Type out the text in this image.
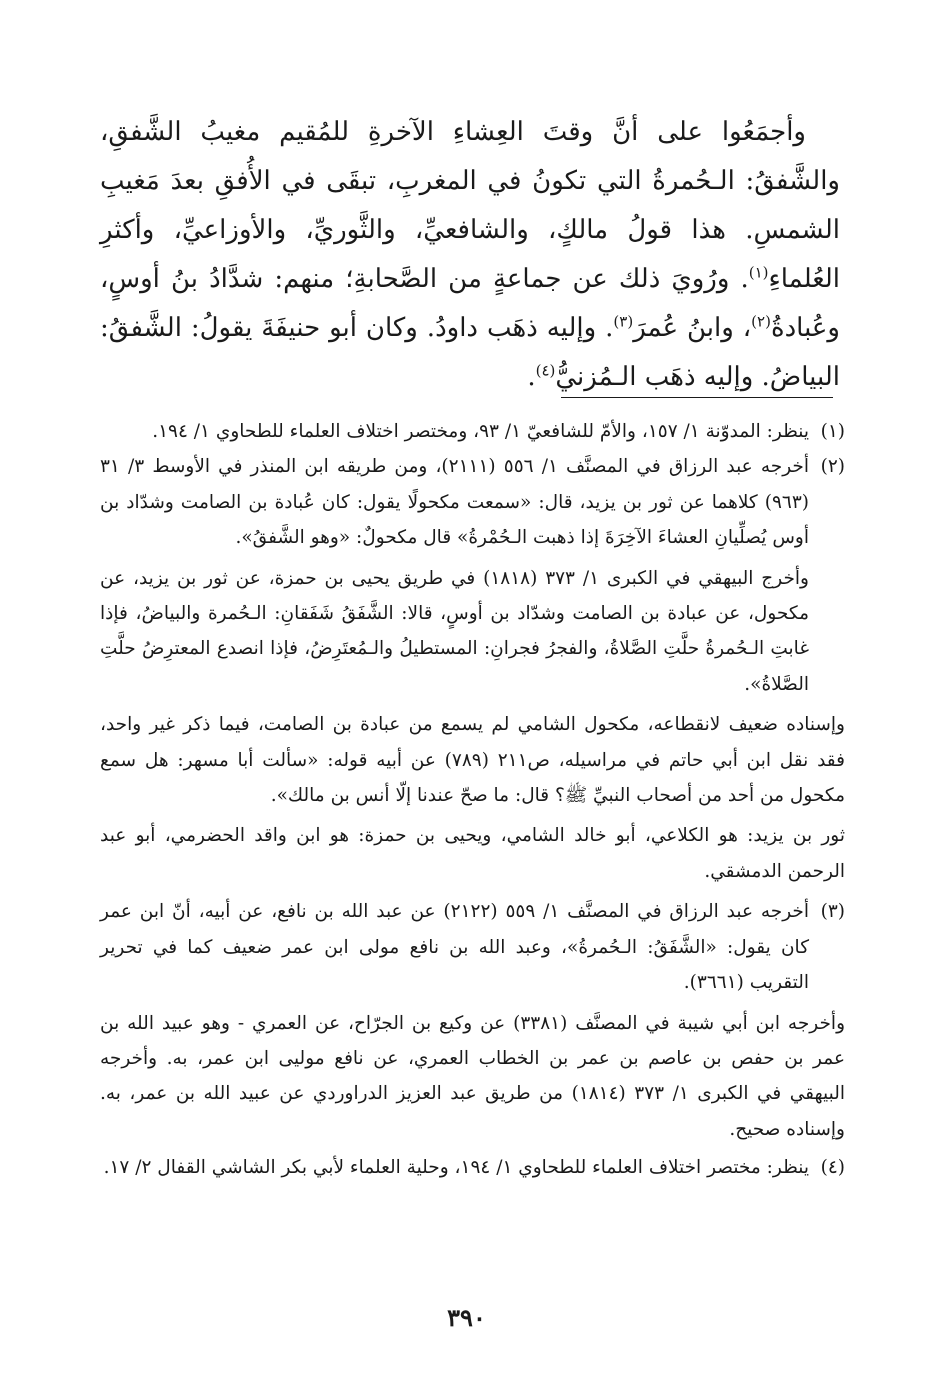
وأجمَعُوا على أنَّ وقتَ العِشاءِ الآخرةِ للمُقيم مغيبُ الشَّفقِ، والشَّفقُ: الـحُمرةُ التي تكونُ في المغربِ، تبقَى في الأُفقِ بعدَ مَغيبِ الشمسِ. هذا قولُ مالكٍ، والشافعيِّ، والثَّوريِّ، والأوزاعيِّ، وأكثرِ العُلماءِ$^{(١)}$. ورُويَ ذلك عن جماعةٍ من الصَّحابةِ؛ منهم: شدَّادُ بنُ أوسٍ، وعُبادةُ$^{(٢)}$، وابنُ عُمرَ$^{(٣)}$. وإليه ذهَب داودُ. وكان أبو حنيفَةَ يقولُ: الشَّفقُ: البياضُ. وإليه ذهَب الـمُزنيُّ$^{(٤)}$.

(١)
ينظر: المدوّنة ١/ ١٥٧، والأمّ للشافعيّ ١/ ٩٣، ومختصر اختلاف العلماء للطحاوي ١/ ١٩٤.
(٢)
أخرجه عبد الرزاق في المصنَّف ١/ ٥٥٦ (٢١١١)، ومن طريقه ابن المنذر في الأوسط ٣/ ٣١ (٩٦٣) كلاهما عن ثور بن يزيد، قال: «سمعت مكحولًا يقول: كان عُبادة بن الصامت وشدّاد بن أوس يُصلِّيانِ العشاءَ الآخِرَةَ إذا ذهبت الـحُمْرةُ» قال مكحولٌ: «وهو الشَّفقُ».
وأخرج البيهقي في الكبرى ١/ ٣٧٣ (١٨١٨) في طريق يحيى بن حمزة، عن ثور بن يزيد، عن مكحول، عن عبادة بن الصامت وشدّاد بن أوسٍ، قالا: الشَّفَقُ شَفَقانِ: الـحُمرة والبياضُ، فإذا غابتِ الـحُمرةُ حلَّتِ الصَّلاةُ، والفجرُ فجرانِ: المستطيلُ والـمُعتَرِضُ، فإذا انصدع المعترِضُ حلَّتِ الصَّلاةُ».

وإسناده ضعيف لانقطاعه، مكحول الشامي لم يسمع من عبادة بن الصامت، فيما ذكر غير واحد، فقد نقل ابن أبي حاتم في مراسيله، ص٢١١ (٧٨٩) عن أبيه قوله: «سألت أبا مسهر: هل سمع مكحول من أحد من أصحاب النبيِّ ﷺ؟ قال: ما صحّ عندنا إلّا أنس بن مالك».

ثور بن يزيد: هو الكلاعي، أبو خالد الشامي، ويحيى بن حمزة: هو ابن واقد الحضرمي، أبو عبد الرحمن الدمشقي.

(٣)
أخرجه عبد الرزاق في المصنَّف ١/ ٥٥٩ (٢١٢٢) عن عبد الله بن نافع، عن أبيه، أنّ ابن عمر كان يقول: «الشَّفَقُ: الـحُمرةُ»، وعبد الله بن نافع مولى ابن عمر ضعيف كما في تحرير التقريب (٣٦٦١).

وأخرجه ابن أبي شيبة في المصنَّف (٣٣٨١) عن وكيع بن الجرّاح، عن العمري - وهو عبيد الله بن عمر بن حفص بن عاصم بن عمر بن الخطاب العمري، عن نافع موليى ابن عمر، به. وأخرجه البيهقي في الكبرى ١/ ٣٧٣ (١٨١٤) من طريق عبد العزيز الدراوردي عن عبيد الله بن عمر، به. وإسناده صحيح.

(٤)
ينظر: مختصر اختلاف العلماء للطحاوي ١/ ١٩٤، وحلية العلماء لأبي بكر الشاشي القفال ٢/ ١٧.
٣٩٠
